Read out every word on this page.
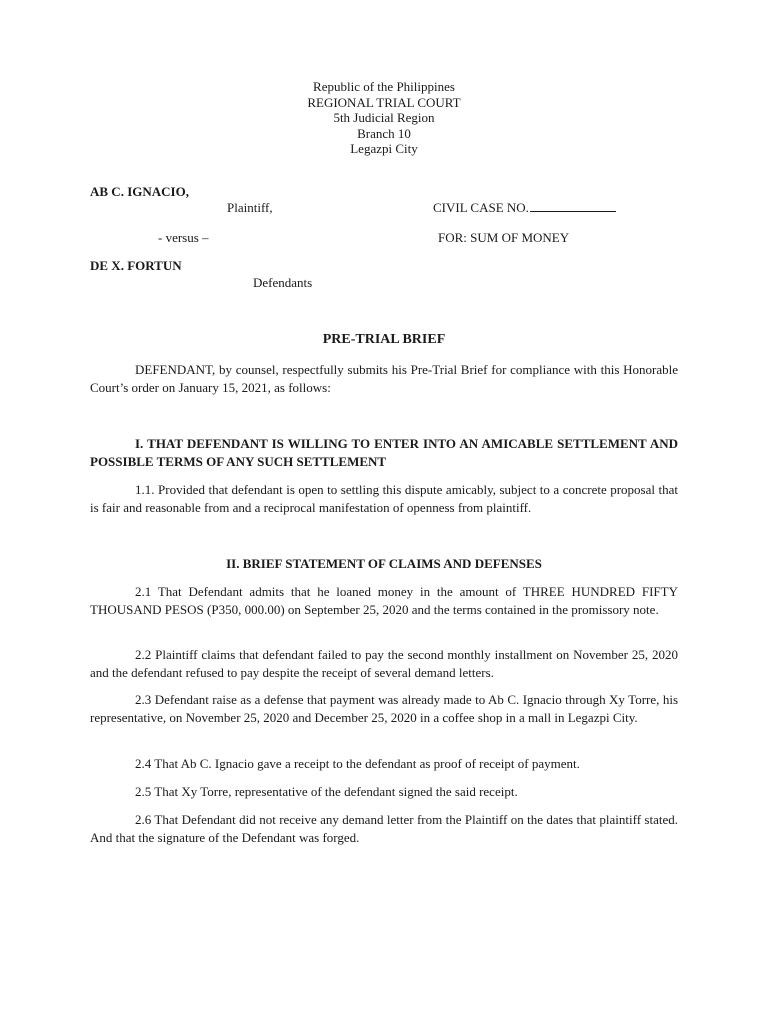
Republic of the Philippines
REGIONAL TRIAL COURT
5th Judicial Region
Branch 10
Legazpi City
AB C. IGNACIO,
Plaintiff,	CIVIL CASE NO.
- versus –	FOR: SUM OF MONEY
DE X. FORTUN
Defendants
PRE-TRIAL BRIEF

DEFENDANT, by counsel, respectfully submits his Pre-Trial Brief for compliance with this Honorable Court’s order on January 15, 2021, as follows:

I. THAT DEFENDANT IS WILLING TO ENTER INTO AN AMICABLE SETTLEMENT AND POSSIBLE TERMS OF ANY SUCH SETTLEMENT

1.1. Provided that defendant is open to settling this dispute amicably, subject to a concrete proposal that is fair and reasonable from and a reciprocal manifestation of openness from plaintiff.

II. BRIEF STATEMENT OF CLAIMS AND DEFENSES

2.1 That Defendant admits that he loaned money in the amount of THREE HUNDRED FIFTY THOUSAND PESOS (P350, 000.00) on September 25, 2020 and the terms contained in the promissory note.

2.2 Plaintiff claims that defendant failed to pay the second monthly installment on November 25, 2020 and the defendant refused to pay despite the receipt of several demand letters.

2.3 Defendant raise as a defense that payment was already made to Ab C. Ignacio through Xy Torre, his representative, on November 25, 2020 and December 25, 2020 in a coffee shop in a mall in Legazpi City.

2.4 That Ab C. Ignacio gave a receipt to the defendant as proof of receipt of payment.

2.5 That Xy Torre, representative of the defendant signed the said receipt.

2.6 That Defendant did not receive any demand letter from the Plaintiff on the dates that plaintiff stated. And that the signature of the Defendant was forged.
